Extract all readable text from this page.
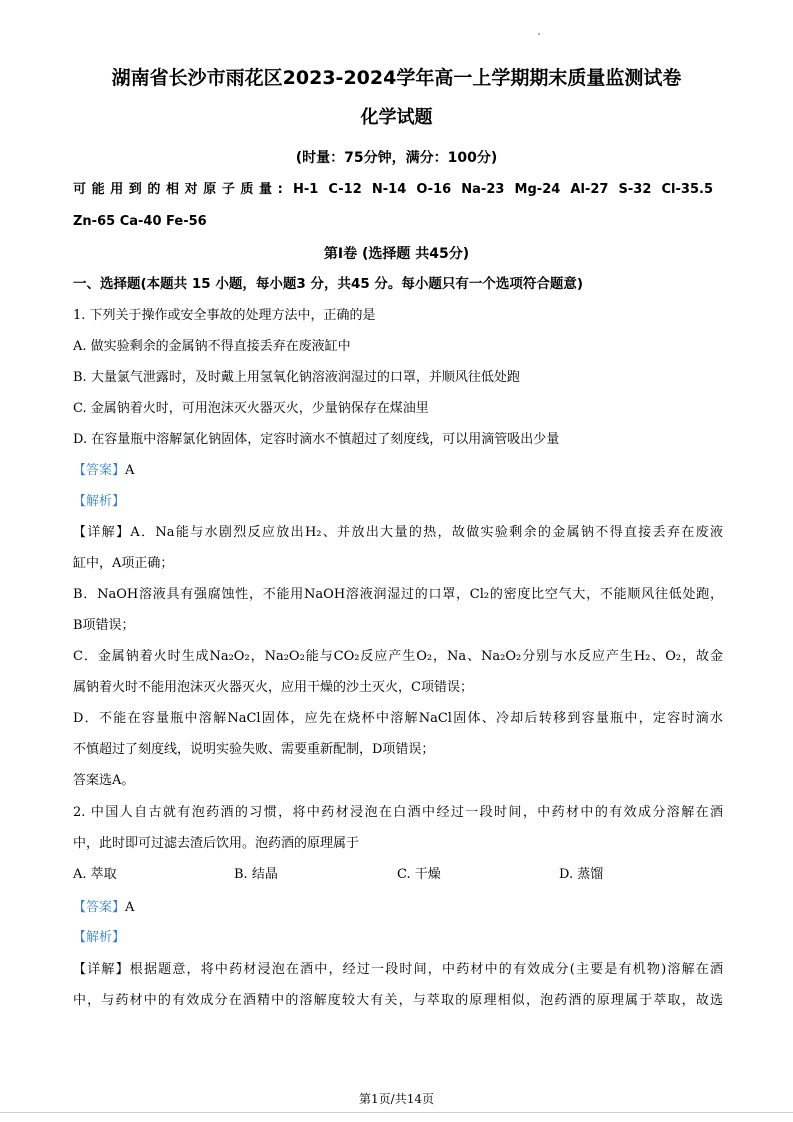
湖南省长沙市雨花区2023-2024学年高一上学期期末质量监测试卷
化学试题
(时量：75分钟，满分：100分)
可能用到的相对原子质量: H-1 C-12 N-14 O-16 Na-23 Mg-24 Al-27 S-32 Cl-35.5
Zn-65 Ca-40 Fe-56
第Ⅰ卷 (选择题 共45分)
一、选择题(本题共 15 小题，每小题3 分，共45 分。每小题只有一个选项符合题意)
1. 下列关于操作或安全事故的处理方法中，正确的是
A. 做实验剩余的金属钠不得直接丢弃在废液缸中
B. 大量氯气泄露时，及时戴上用氢氧化钠溶液润湿过的口罩，并顺风往低处跑
C. 金属钠着火时，可用泡沫灭火器灭火，少量钠保存在煤油里
D. 在容量瓶中溶解氯化钠固体，定容时滴水不慎超过了刻度线，可以用滴管吸出少量
【答案】A
【解析】
【详解】A．Na能与水剧烈反应放出H₂、并放出大量的热，故做实验剩余的金属钠不得直接丢弃在废液
缸中，A项正确；
B．NaOH溶液具有强腐蚀性，不能用NaOH溶液润湿过的口罩，Cl₂的密度比空气大，不能顺风往低处跑，
B项错误；
C．金属钠着火时生成Na₂O₂，Na₂O₂能与CO₂反应产生O₂，Na、Na₂O₂分别与水反应产生H₂、O₂，故金
属钠着火时不能用泡沫灭火器灭火，应用干燥的沙土灭火，C项错误；
D．不能在容量瓶中溶解NaCl固体，应先在烧杯中溶解NaCl固体、冷却后转移到容量瓶中，定容时滴水
不慎超过了刻度线，说明实验失败、需要重新配制，D项错误；
答案选A。
2. 中国人自古就有泡药酒的习惯，将中药材浸泡在白酒中经过一段时间，中药材中的有效成分溶解在酒
中，此时即可过滤去渣后饮用。泡药酒的原理属于
A. 萃取	B. 结晶	C. 干燥	D. 蒸馏
【答案】A
【解析】
【详解】根据题意，将中药材浸泡在酒中，经过一段时间，中药材中的有效成分(主要是有机物)溶解在酒
中，与药材中的有效成分在酒精中的溶解度较大有关，与萃取的原理相似，泡药酒的原理属于萃取，故选
第1页/共14页
